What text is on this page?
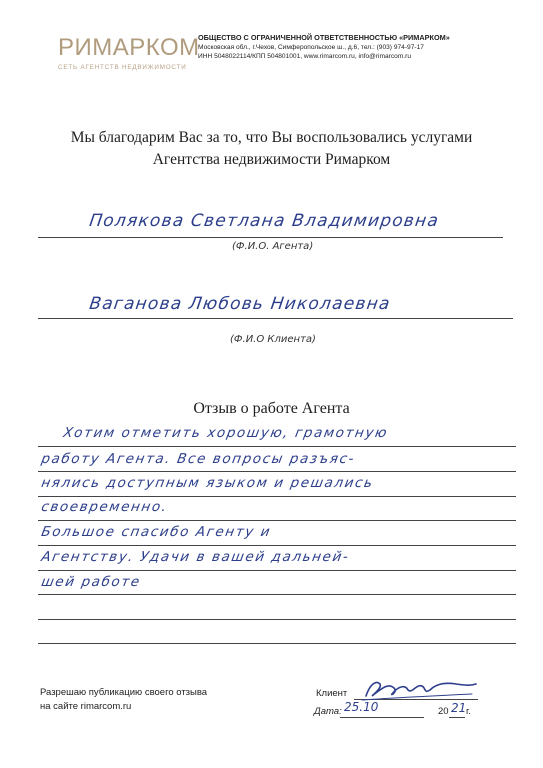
РИМАРКОМ
СЕТЬ АГЕНТСТВ НЕДВИЖИМОСТИ
ОБЩЕСТВО С ОГРАНИЧЕННОЙ ОТВЕТСТВЕННОСТЬЮ «РИМАРКОМ»
Московская обл., г.Чехов, Симферопольское ш., д.6, тел.: (903) 974-97-17
ИНН 5048022114/КПП 504801001, www.rimarcom.ru, info@rimarcom.ru
Мы благодарим Вас за то, что Вы воспользовались услугами
Агентства недвижимости Римарком
Полякова Светлана Владимировна
(Ф.И.О. Агента)
Ваганова Любовь Николаевна
(Ф.И.О Клиента)
Отзыв о работе Агента
Хотим отметить хорошую, грамотную
работу Агента. Все вопросы разъяс-
нялись доступным языком и решались
своевременно.
Большое спасибо Агенту и
Агентству. Удачи в вашей дальней-
шей работе
Разрешаю публикацию своего отзыва
на сайте rimarcom.ru
Клиент
Дата: 25.10	20 21 г.
